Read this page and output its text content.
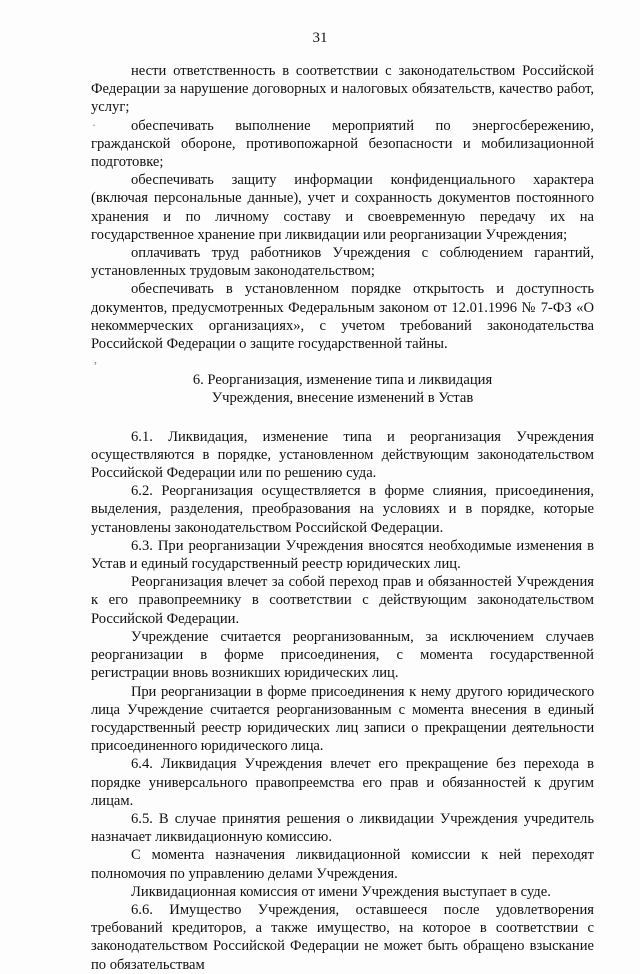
31
·
,

нести ответственность в соответствии с законодательством Российской Федерации за нарушение договорных и налоговых обязательств, качество работ, услуг;

обеспечивать выполнение мероприятий по энергосбережению, гражданской обороне, противопожарной безопасности и мобилизационной подготовке;

обеспечивать защиту информации конфиденциального характера (включая персональные данные), учет и сохранность документов постоянного хранения и по личному составу и своевременную передачу их на государственное хранение при ликвидации или реорганизации Учреждения;

оплачивать труд работников Учреждения с соблюдением гарантий, установленных трудовым законодательством;

обеспечивать в установленном порядке открытость и доступность документов, предусмотренных Федеральным законом от 12.01.1996 № 7-ФЗ «О некоммерческих организациях», с учетом требований законодательства Российской Федерации о защите государственной тайны.

6. Реорганизация, изменение типа и ликвидация
Учреждения, внесение изменений в Устав

6.1. Ликвидация, изменение типа и реорганизация Учреждения осуществляются в порядке, установленном действующим законодательством Российской Федерации или по решению суда.

6.2. Реорганизация осуществляется в форме слияния, присоединения, выделения, разделения, преобразования на условиях и в порядке, которые установлены законодательством Российской Федерации.

6.3. При реорганизации Учреждения вносятся необходимые изменения в Устав и единый государственный реестр юридических лиц.

Реорганизация влечет за собой переход прав и обязанностей Учреждения к его правопреемнику в соответствии с действующим законодательством Российской Федерации.

Учреждение считается реорганизованным, за исключением случаев реорганизации в форме присоединения, с момента государственной регистрации вновь возникших юридических лиц.

При реорганизации в форме присоединения к нему другого юридического лица Учреждение считается реорганизованным с момента внесения в единый государственный реестр юридических лиц записи о прекращении деятельности присоединенного юридического лица.

6.4. Ликвидация Учреждения влечет его прекращение без перехода в порядке универсального правопреемства его прав и обязанностей к другим лицам.

6.5. В случае принятия решения о ликвидации Учреждения учредитель назначает ликвидационную комиссию.

С момента назначения ликвидационной комиссии к ней переходят полномочия по управлению делами Учреждения.

Ликвидационная комиссия от имени Учреждения выступает в суде.

6.6. Имущество Учреждения, оставшееся после удовлетворения требований кредиторов, а также имущество, на которое в соответствии с законодательством Российской Федерации не может быть обращено взыскание по обязательствам
